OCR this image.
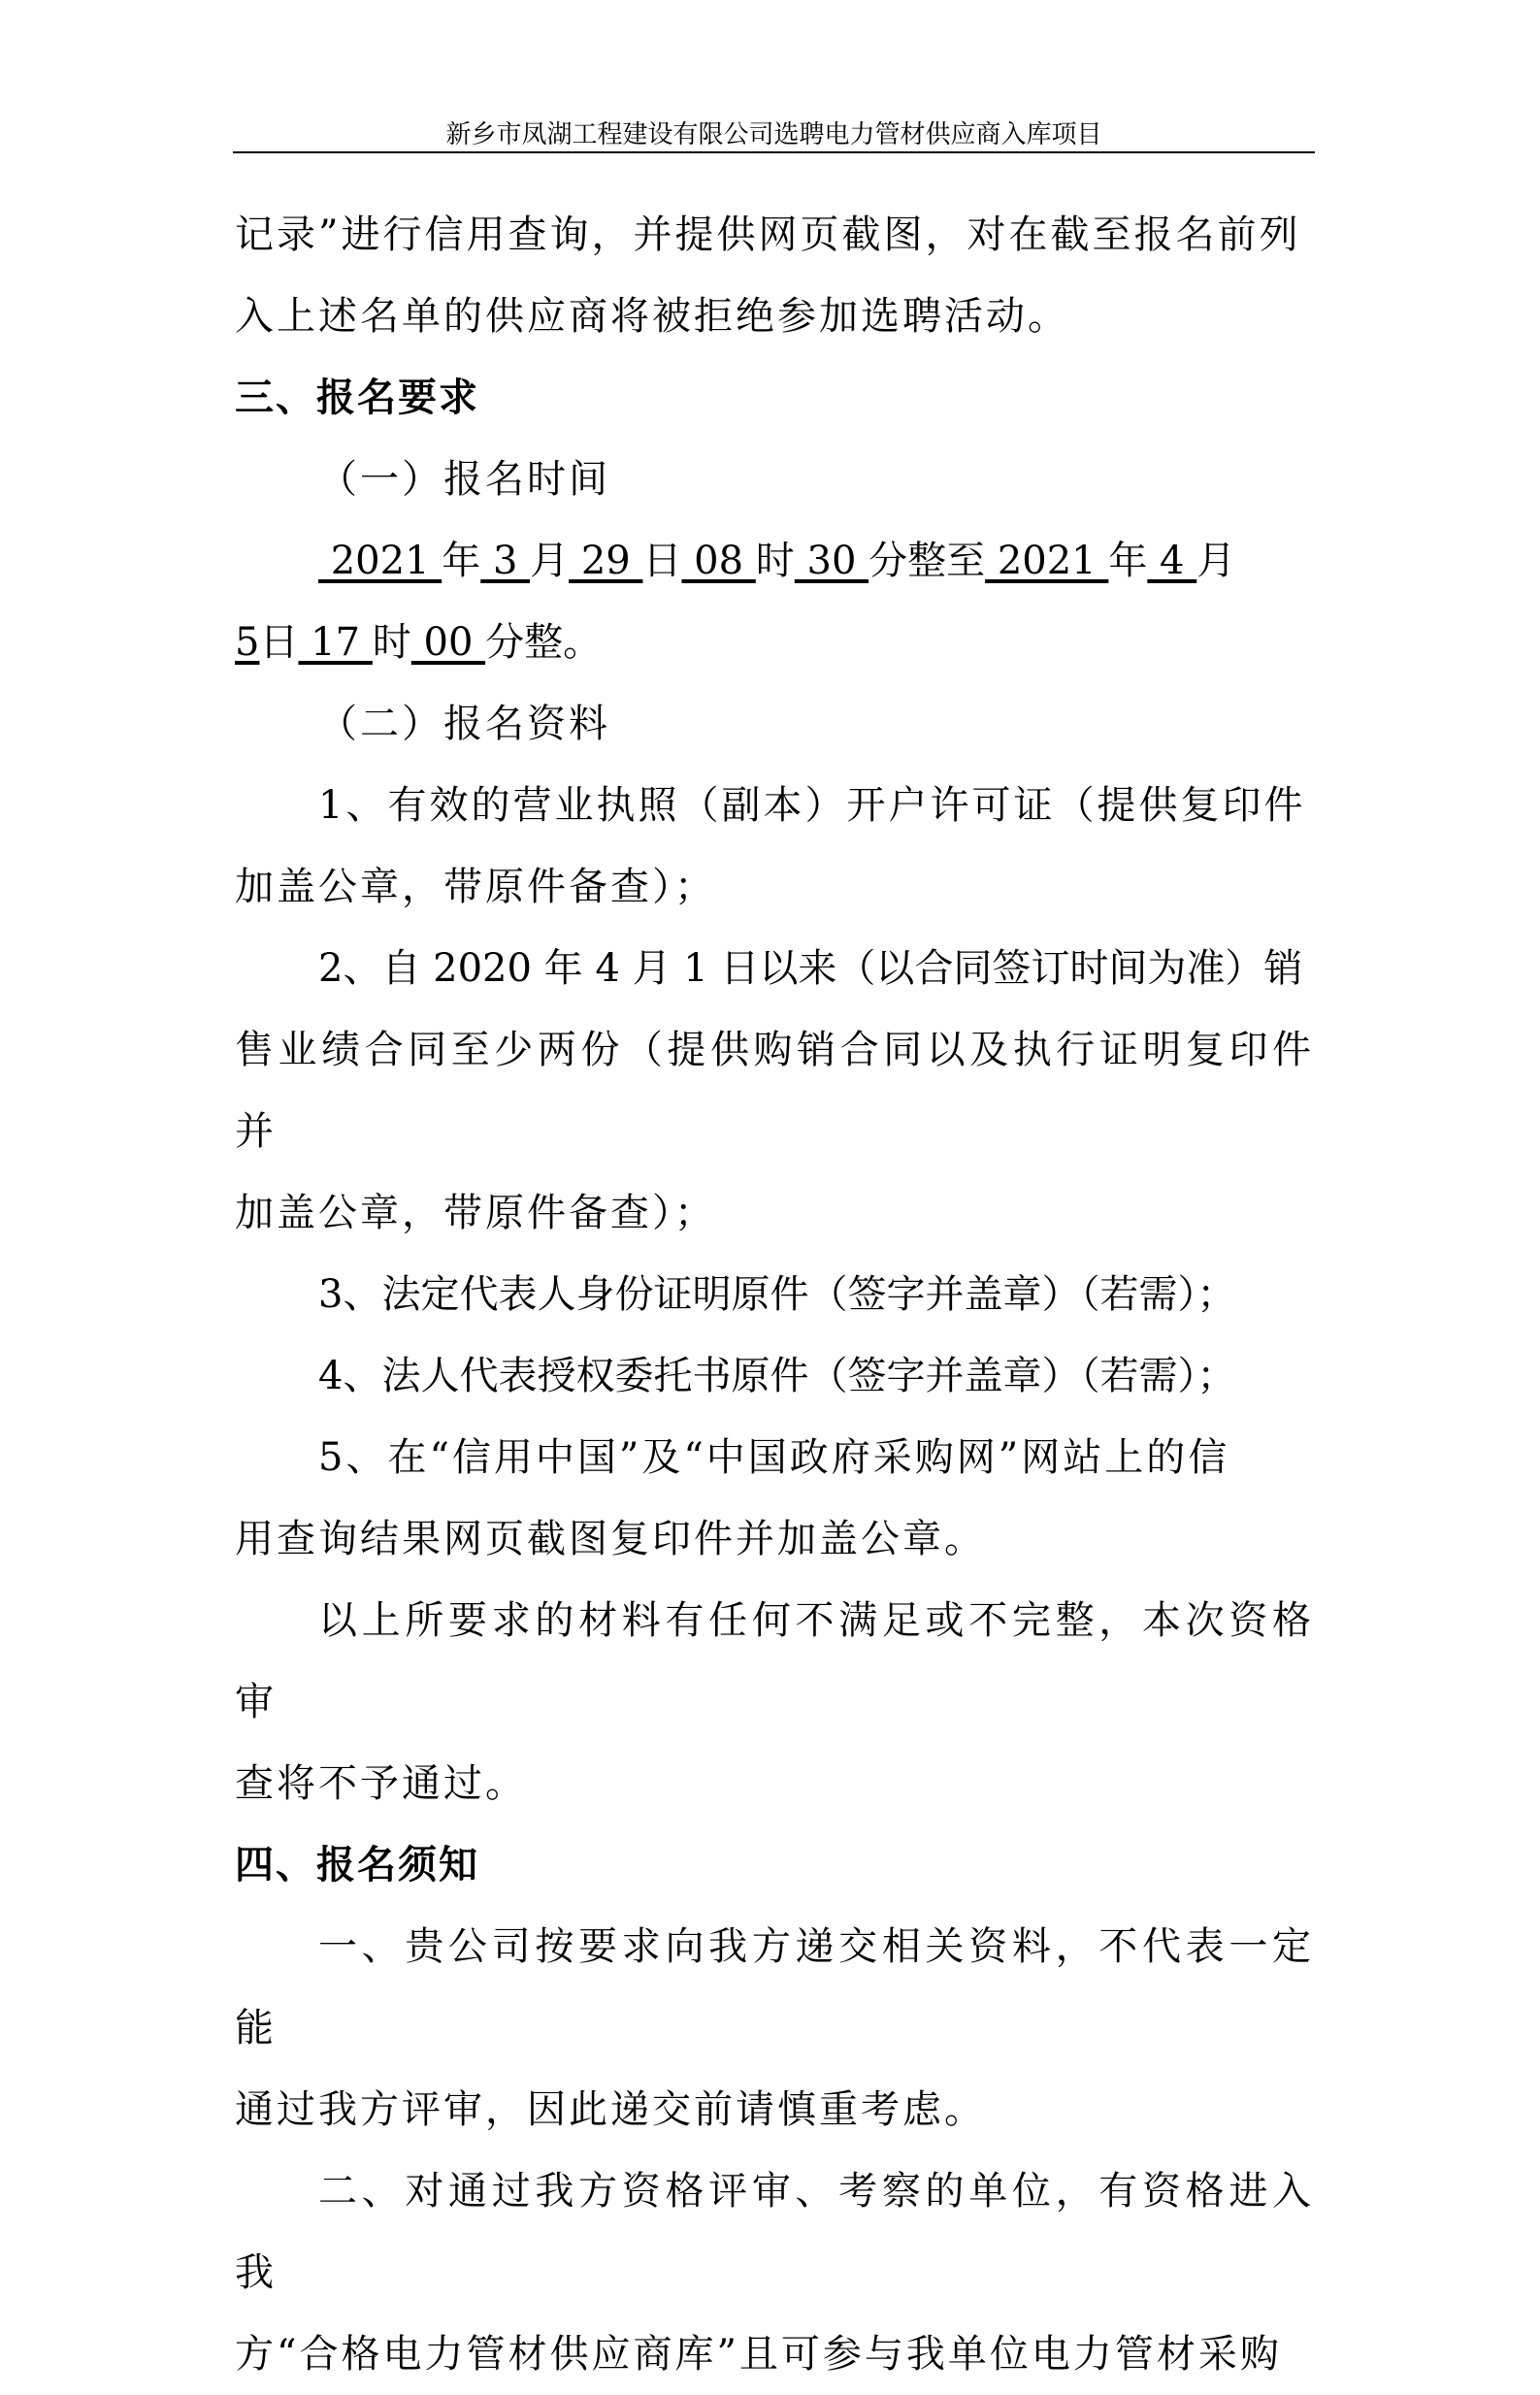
新乡市凤湖工程建设有限公司选聘电力管材供应商入库项目

记录”进行信用查询，并提供网页截图，对在截至报名前列

入上述名单的供应商将被拒绝参加选聘活动。

三、报名要求

（一）报名时间

2021 年 3 月 29 日 08 时 30 分整至 2021 年 4 月

5日 17 时 00 分整。

（二）报名资料

1、有效的营业执照（副本）开户许可证（提供复印件

加盖公章，带原件备查）；

2、自 2020 年 4 月 1 日以来（以合同签订时间为准）销

售业绩合同至少两份（提供购销合同以及执行证明复印件并

加盖公章，带原件备查）；

3、法定代表人身份证明原件（签字并盖章）（若需）；

4、法人代表授权委托书原件（签字并盖章）（若需）；

5、在“信用中国”及“中国政府采购网”网站上的信

用查询结果网页截图复印件并加盖公章。

以上所要求的材料有任何不满足或不完整，本次资格审

查将不予通过。

四、报名须知

一、贵公司按要求向我方递交相关资料，不代表一定能

通过我方评审，因此递交前请慎重考虑。

二、对通过我方资格评审、考察的单位，有资格进入我

方“合格电力管材供应商库”且可参与我单位电力管材采购
